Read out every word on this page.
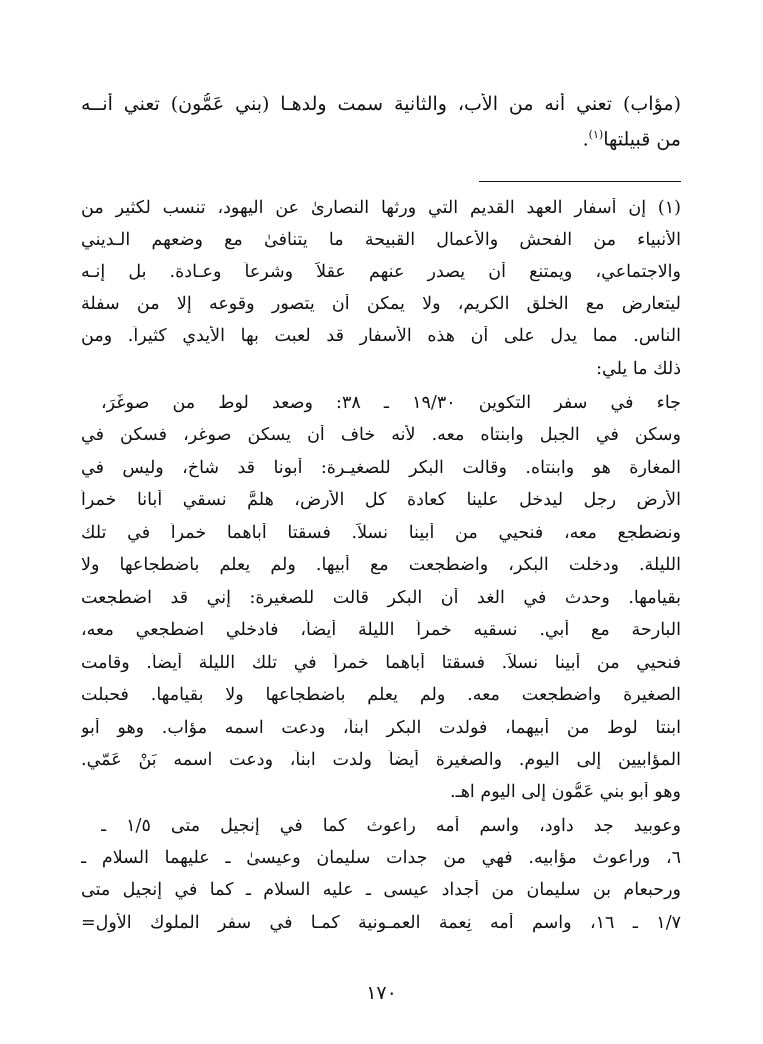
(مؤاب) تعني أنه من الأب، والثانية سمت ولدهـا (بني عَمُّون) تعني أنــه
من قبيلتها$^{(١)}$.
(١) إن أسفار العهد القديم التي ورثها النصارىٰ عن اليهود، تنسب لكثير من
الأنبياء من الفحش والأعمال القبيحة ما يتنافىٰ مع وضعهم الـديني
والاجتماعي، ويمتنع أن يصدر عنهم عقلاً وشرعاً وعـادة. بل إنـه
ليتعارض مع الخلق الكريم، ولا يمكن أن يتصور وقوعه إلا من سفلة
الناس. مما يدل على أن هذه الأسفار قد لعبت بها الأيدي كثيراً. ومن
ذلك ما يلي:
جاء في سفر التكوين ١٩/٣٠ ـ ٣٨: وصعد لوط من صوغَرَ،
وسكن في الجبل وابنتاه معه. لأنه خاف أن يسكن صوغر، فسكن في
المغارة هو وابنتاه. وقالت البكر للصغيـرة: أبونا قد شاخ، وليس في
الأرض رجل ليدخل علينا كعادة كل الأرض، هلمَّ نسقي أبانا خمراً
ونضطجع معه، فنحيي من أبينا نسلاً. فسقتا أباهما خمراً في تلك
الليلة. ودخلت البكر، واضطجعت مع أبيها. ولم يعلم باضطجاعها ولا
بقيامها. وحدث في الغد أن البكر قالت للصغيرة: إني قد اضطجعت
البارحة مع أبي. نسقيه خمراً الليلة أيضاً، فادخلي اضطجعي معه،
فنحيي من أبينا نسلاً. فسقتا أباهما خمراً في تلك الليلة أيضاً. وقامت
الصغيرة واضطجعت معه. ولم يعلم باضطجاعها ولا بقيامها. فحبلت
ابنتا لوط من أبيهما، فولدت البكر ابناً، ودعت اسمه مؤاب. وهو أبو
المؤابيين إلى اليوم. والصغيرة أيضاً ولدت ابناً، ودعت اسمه بَنْ عَمّي.
وهو أبو بني عَمُّون إلى اليوم اهـ.
وعوبيد جد داود، واسم أمه راعوث كما في إنجيل متى ١/٥ ـ
٦، وراعوث مؤابيه. فهي من جدات سليمان وعيسىٰ ـ عليهما السلام ـ
ورحبعام بن سليمان من أجداد عيسى ـ عليه السلام ـ كما في إنجيل متى
١/٧ ـ ١٦، واسم أمه نِعمة العمـونية كمـا في سفر الملوك الأول=
١٧٠
